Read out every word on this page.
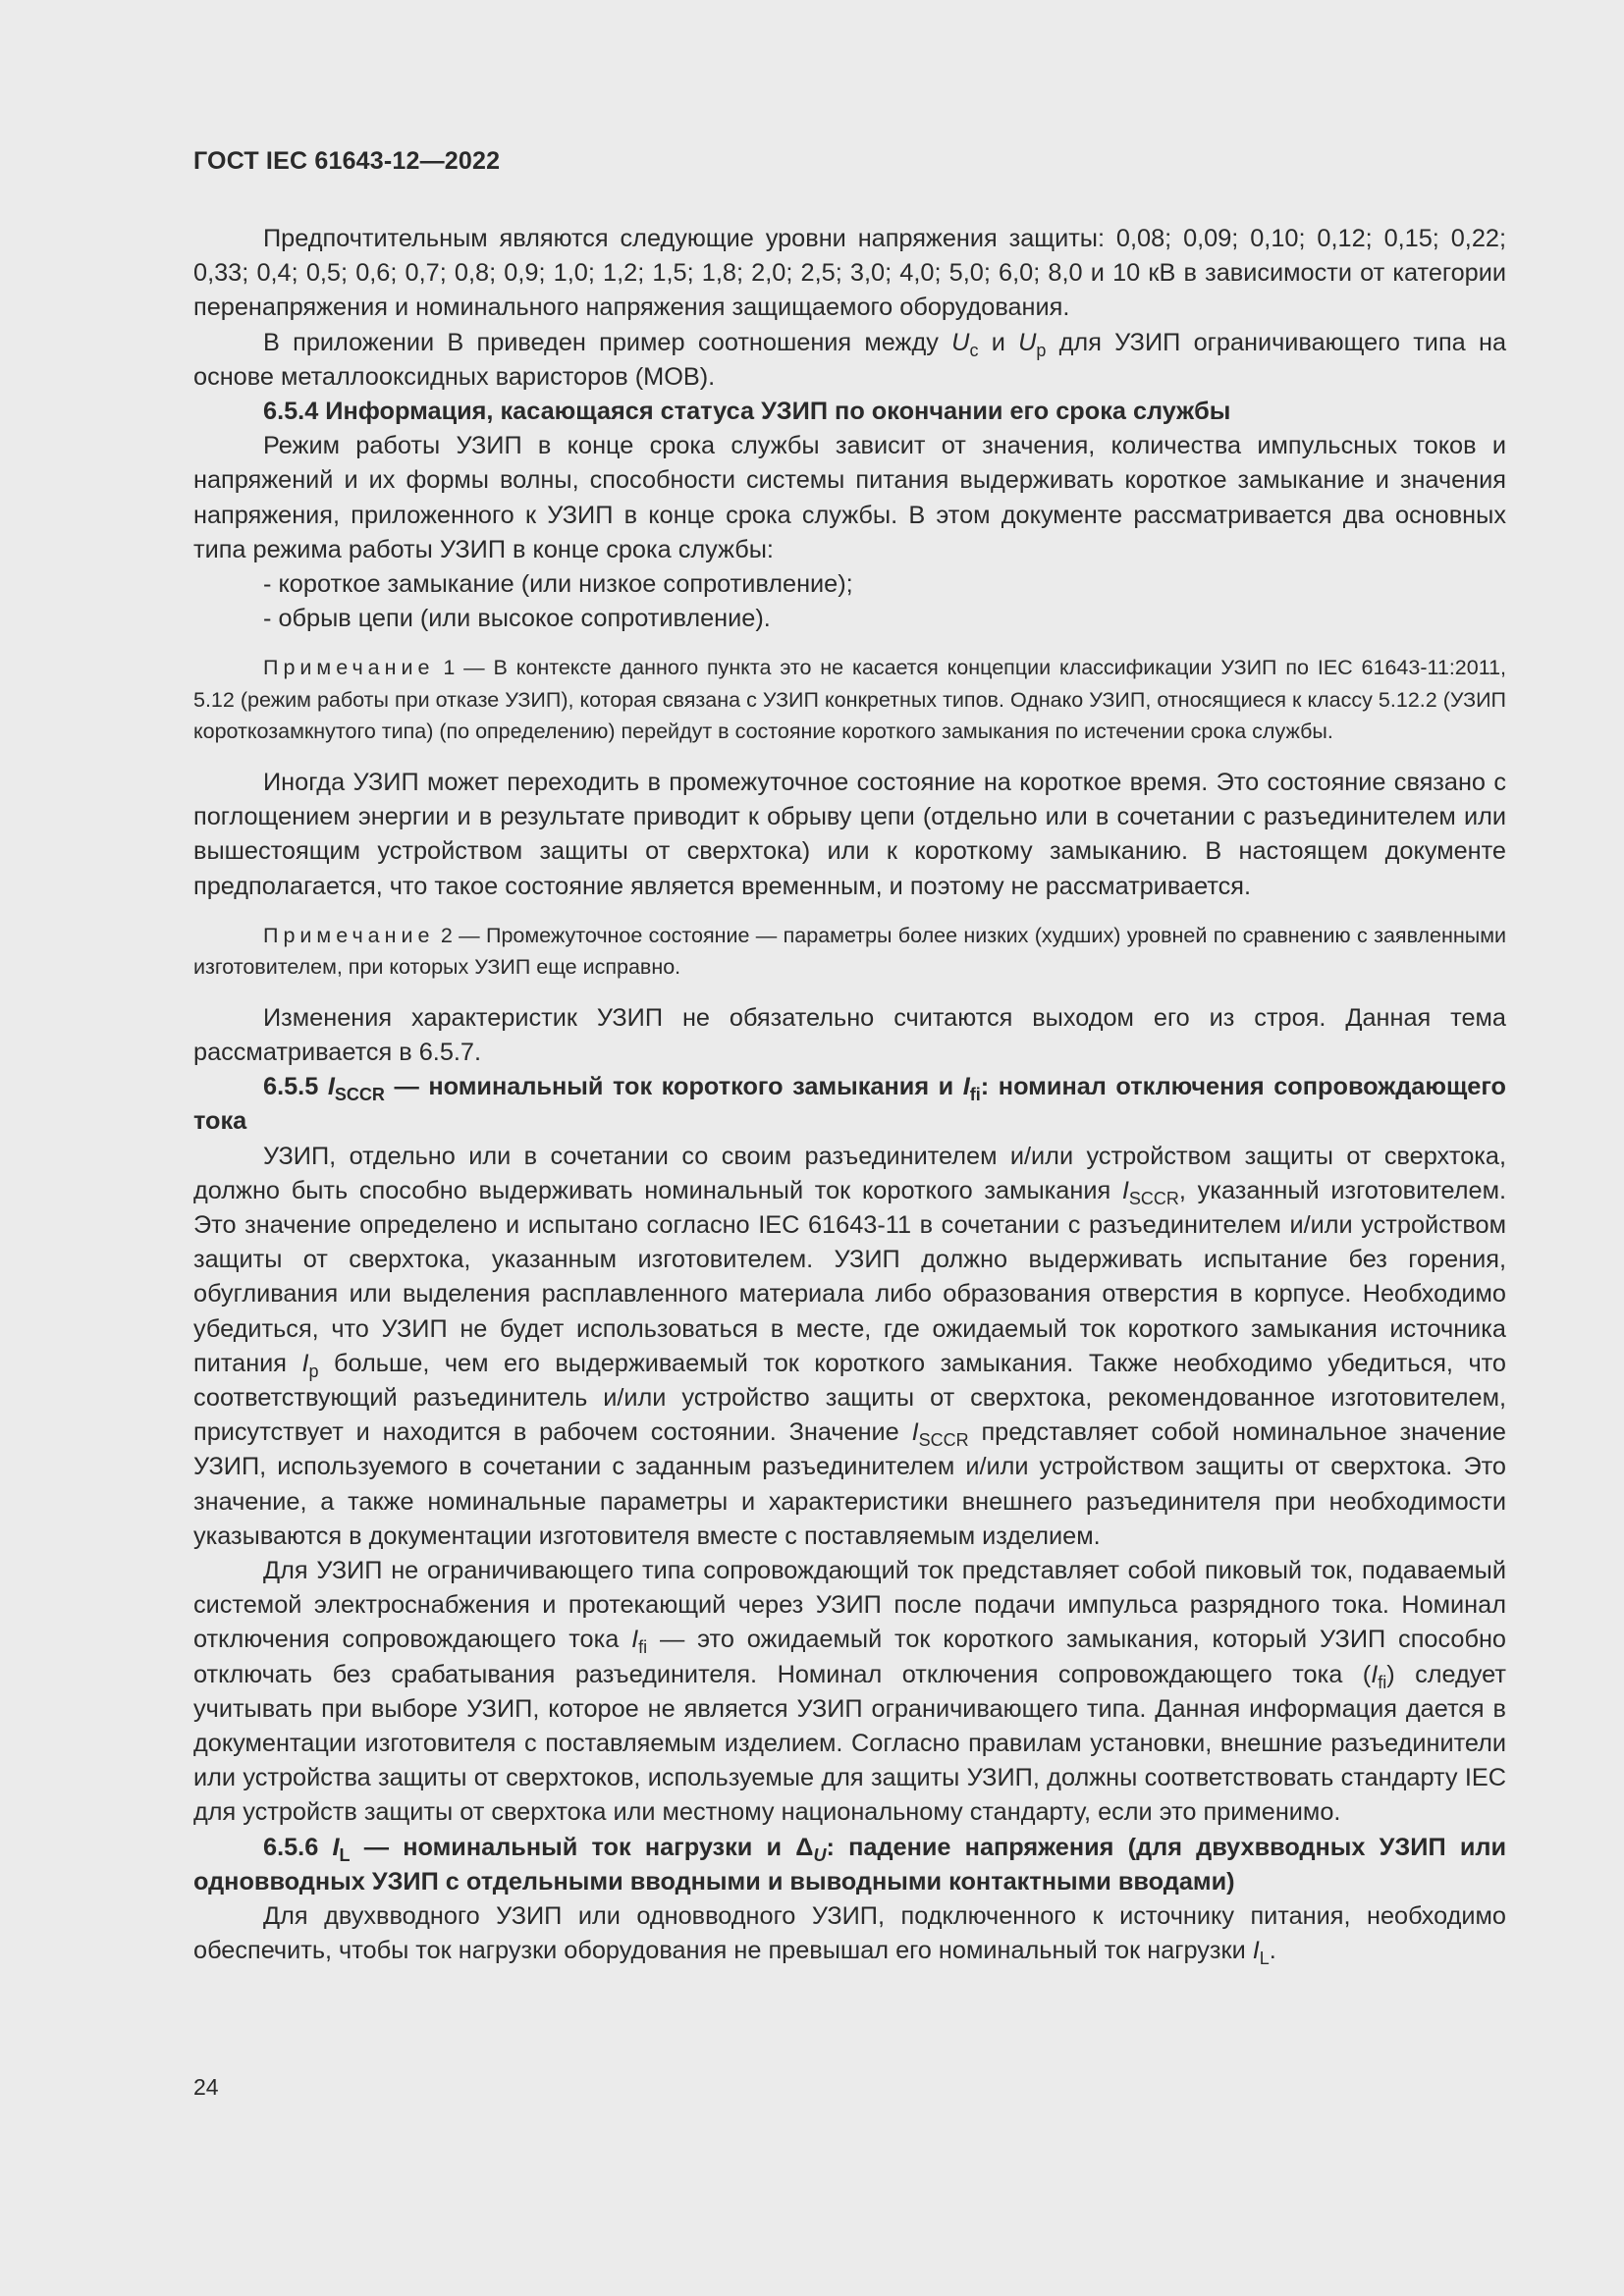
ГОСТ IEC 61643-12—2022

Предпочтительным являются следующие уровни напряжения защиты: 0,08; 0,09; 0,10; 0,12; 0,15; 0,22; 0,33; 0,4; 0,5; 0,6; 0,7; 0,8; 0,9; 1,0; 1,2; 1,5; 1,8; 2,0; 2,5; 3,0; 4,0; 5,0; 6,0; 8,0 и 10 кВ в зависимости от категории перенапряжения и номинального напряжения защищаемого оборудования.

В приложении В приведен пример соотношения между $U_c$ и $U_p$ для УЗИП ограничивающего типа на основе металлооксидных варисторов (МОВ).

6.5.4 Информация, касающаяся статуса УЗИП по окончании его срока службы

Режим работы УЗИП в конце срока службы зависит от значения, количества импульсных токов и напряжений и их формы волны, способности системы питания выдерживать короткое замыкание и значения напряжения, приложенного к УЗИП в конце срока службы. В этом документе рассматривается два основных типа режима работы УЗИП в конце срока службы:

- короткое замыкание (или низкое сопротивление);

- обрыв цепи (или высокое сопротивление).

Примечание 1 — В контексте данного пункта это не касается концепции классификации УЗИП по IEC 61643-11:2011, 5.12 (режим работы при отказе УЗИП), которая связана с УЗИП конкретных типов. Однако УЗИП, относящиеся к классу 5.12.2 (УЗИП короткозамкнутого типа) (по определению) перейдут в состояние короткого замыкания по истечении срока службы.

Иногда УЗИП может переходить в промежуточное состояние на короткое время. Это состояние связано с поглощением энергии и в результате приводит к обрыву цепи (отдельно или в сочетании с разъединителем или вышестоящим устройством защиты от сверхтока) или к короткому замыканию. В настоящем документе предполагается, что такое состояние является временным, и поэтому не рассматривается.

Примечание 2 — Промежуточное состояние — параметры более низких (худших) уровней по сравнению с заявленными изготовителем, при которых УЗИП еще исправно.

Изменения характеристик УЗИП не обязательно считаются выходом его из строя. Данная тема рассматривается в 6.5.7.

6.5.5 $I_{SCCR}$ — номинальный ток короткого замыкания и $I_{fi}$: номинал отключения сопровождающего тока

УЗИП, отдельно или в сочетании со своим разъединителем и/или устройством защиты от сверхтока, должно быть способно выдерживать номинальный ток короткого замыкания $I_{SCCR}$, указанный изготовителем. Это значение определено и испытано согласно IEC 61643-11 в сочетании с разъединителем и/или устройством защиты от сверхтока, указанным изготовителем. УЗИП должно выдерживать испытание без горения, обугливания или выделения расплавленного материала либо образования отверстия в корпусе. Необходимо убедиться, что УЗИП не будет использоваться в месте, где ожидаемый ток короткого замыкания источника питания $I_p$ больше, чем его выдерживаемый ток короткого замыкания. Также необходимо убедиться, что соответствующий разъединитель и/или устройство защиты от сверхтока, рекомендованное изготовителем, присутствует и находится в рабочем состоянии. Значение $I_{SCCR}$ представляет собой номинальное значение УЗИП, используемого в сочетании с заданным разъединителем и/или устройством защиты от сверхтока. Это значение, а также номинальные параметры и характеристики внешнего разъединителя при необходимости указываются в документации изготовителя вместе с поставляемым изделием.

Для УЗИП не ограничивающего типа сопровождающий ток представляет собой пиковый ток, подаваемый системой электроснабжения и протекающий через УЗИП после подачи импульса разрядного тока. Номинал отключения сопровождающего тока $I_{fi}$ — это ожидаемый ток короткого замыкания, который УЗИП способно отключать без срабатывания разъединителя. Номинал отключения сопровождающего тока $(I_{fi})$ следует учитывать при выборе УЗИП, которое не является УЗИП ограничивающего типа. Данная информация дается в документации изготовителя с поставляемым изделием. Согласно правилам установки, внешние разъединители или устройства защиты от сверхтоков, используемые для защиты УЗИП, должны соответствовать стандарту IEC для устройств защиты от сверхтока или местному национальному стандарту, если это применимо.

6.5.6 $I_L$ — номинальный ток нагрузки и $\Delta_U$: падение напряжения (для двухвводных УЗИП или одновводных УЗИП с отдельными вводными и выводными контактными вводами)

Для двухвводного УЗИП или одновводного УЗИП, подключенного к источнику питания, необходимо обеспечить, чтобы ток нагрузки оборудования не превышал его номинальный ток нагрузки $I_L$.

24
